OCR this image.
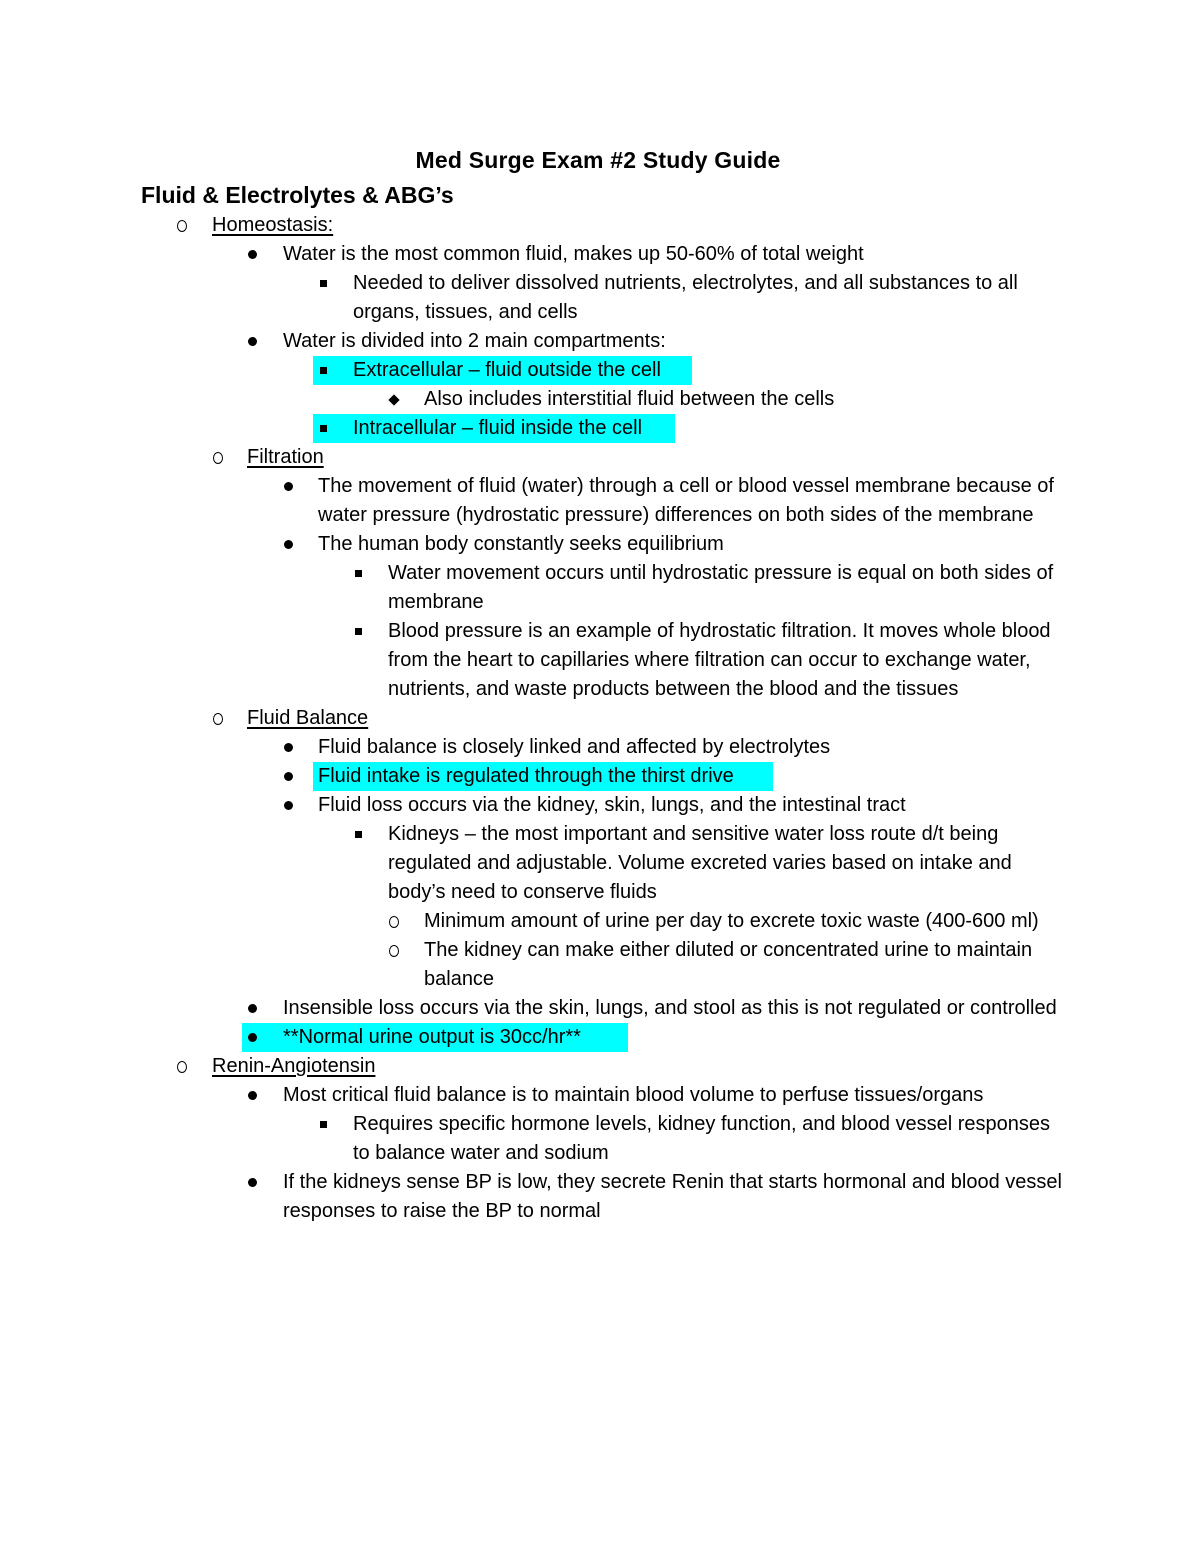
Med Surge Exam #2 Study Guide
Fluid & Electrolytes & ABG’s
Homeostasis:
Water is the most common fluid, makes up 50-60% of total weight
Needed to deliver dissolved nutrients, electrolytes, and all substances to all organs, tissues, and cells
Water is divided into 2 main compartments:
Extracellular – fluid outside the cell
Also includes interstitial fluid between the cells
Intracellular – fluid inside the cell
Filtration
The movement of fluid (water) through a cell or blood vessel membrane because of water pressure (hydrostatic pressure) differences on both sides of the membrane
The human body constantly seeks equilibrium
Water movement occurs until hydrostatic pressure is equal on both sides of membrane
Blood pressure is an example of hydrostatic filtration. It moves whole blood from the heart to capillaries where filtration can occur to exchange water, nutrients, and waste products between the blood and the tissues
Fluid Balance
Fluid balance is closely linked and affected by electrolytes
Fluid intake is regulated through the thirst drive
Fluid loss occurs via the kidney, skin, lungs, and the intestinal tract
Kidneys – the most important and sensitive water loss route d/t being regulated and adjustable. Volume excreted varies based on intake and body’s need to conserve fluids
Minimum amount of urine per day to excrete toxic waste (400-600 ml)
The kidney can make either diluted or concentrated urine to maintain balance
Insensible loss occurs via the skin, lungs, and stool as this is not regulated or controlled
**Normal urine output is 30cc/hr**
Renin-Angiotensin
Most critical fluid balance is to maintain blood volume to perfuse tissues/organs
Requires specific hormone levels, kidney function, and blood vessel responses to balance water and sodium
If the kidneys sense BP is low, they secrete Renin that starts hormonal and blood vessel responses to raise the BP to normal
